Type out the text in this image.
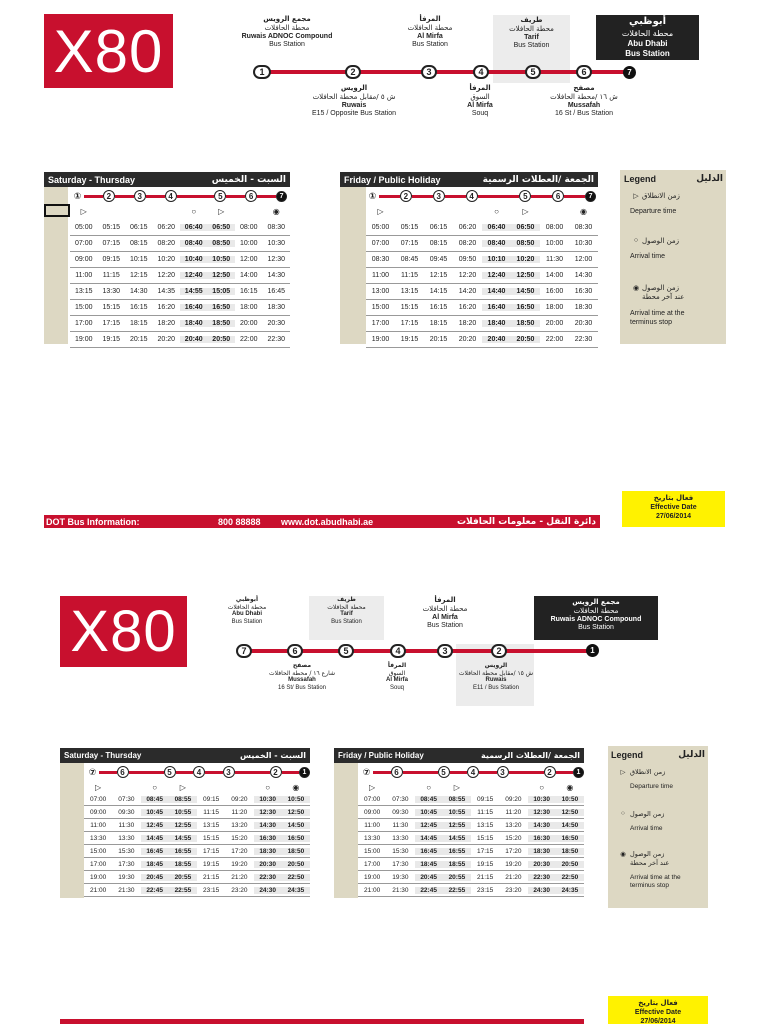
X80	مجمع الرويس
محطة الحافلات
Ruwais ADNOC Compound
Bus Station
المرفأ
محطة الحافلات
Al Mirfa
Bus Station
طريف
محطة الحافلات
Tarif
Bus Station
أبوظبي
محطة الحافلات
Abu Dhabi
Bus Station
1	2	3	4	5	6	7
الرويس
ش ٥ /مقابل محطة الحافلات
Ruwais
E15 / Opposite Bus Station
المرفأ
السوق
Al Mirfa
Souq
مصفح
ش ١٦ /محطة الحافلات
Mussafah
16 St / Bus Station
Saturday - Thursday	السبت - الخميس
①	2	3	4	5	6	7
▷	○	▷	◉
05:00	05:15	06:15	06:20	06:40	06:50	08:00	08:30
07:00	07:15	08:15	08:20	08:40	08:50	10:00	10:30
09:00	09:15	10:15	10:20	10:40	10:50	12:00	12:30
11:00	11:15	12:15	12:20	12:40	12:50	14:00	14:30
13:15	13:30	14:30	14:35	14:55	15:05	16:15	16:45
15:00	15:15	16:15	16:20	16:40	16:50	18:00	18:30
17:00	17:15	18:15	18:20	18:40	18:50	20:00	20:30
19:00	19:15	20:15	20:20	20:40	20:50	22:00	22:30
Friday / Public Holiday	الجمعة /العطلات الرسمية
①	2	3	4	5	6	7
▷	○	▷	◉
05:00	05:15	06:15	06:20	06:40	06:50	08:00	08:30
07:00	07:15	08:15	08:20	08:40	08:50	10:00	10:30
08:30	08:45	09:45	09:50	10:10	10:20	11:30	12:00
11:00	11:15	12:15	12:20	12:40	12:50	14:00	14:30
13:00	13:15	14:15	14:20	14:40	14:50	16:00	16:30
15:00	15:15	16:15	16:20	16:40	16:50	18:00	18:30
17:00	17:15	18:15	18:20	18:40	18:50	20:00	20:30
19:00	19:15	20:15	20:20	20:40	20:50	22:00	22:30
Legend	الدليل
▷ زمن الانطلاق
Departure time
○ زمن الوصول
Arrival time
◉ زمن الوصول
عند آخر محطة
Arrival time at the
terminus stop
فعال بتاريخ
Effective Date
27/06/2014
DOT Bus Information:	800 88888 www.dot.abudhabi.ae	دائرة النقل - معلومات الحافلات
X80	أبوظبي
محطة الحافلات
Abu Dhabi
Bus Station
طريف
محطة الحافلات
Tarif
Bus Station
المرفأ
محطة الحافلات
Al Mirfa
Bus Station
مجمع الرويس
محطة الحافلات
Ruwais ADNOC Compound
Bus Station
7	6	5	4	3	2	1
مصفح
شارع ١٦ / محطة الحافلات
Mussafah
16 St/ Bus Station
المرفأ
السوق
Al Mirfa
Souq
الرويس
ش ١٥ /مقابل محطة الحافلات
Ruwais
E11 / Bus Station
Saturday - Thursday	السبت - الخميس
⑦	6	5	4	3	2	1
▷	○	▷	○	◉
07:00	07:30	08:45	08:55	09:15	09:20	10:30	10:50
09:00	09:30	10:45	10:55	11:15	11:20	12:30	12:50
11:00	11:30	12:45	12:55	13:15	13:20	14:30	14:50
13:30	13:30	14:45	14:55	15:15	15:20	16:30	16:50
15:00	15:30	16:45	16:55	17:15	17:20	18:30	18:50
17:00	17:30	18:45	18:55	19:15	19:20	20:30	20:50
19:00	19:30	20:45	20:55	21:15	21:20	22:30	22:50
21:00	21:30	22:45	22:55	23:15	23:20	24:30	24:35
Friday / Public Holiday	الجمعة /العطلات الرسمية
⑦	6	5	4	3	2	1
▷	○	▷	○	◉
07:00	07:30	08:45	08:55	09:15	09:20	10:30	10:50
09:00	09:30	10:45	10:55	11:15	11:20	12:30	12:50
11:00	11:30	12:45	12:55	13:15	13:20	14:30	14:50
13:30	13:30	14:45	14:55	15:15	15:20	16:30	16:50
15:00	15:30	16:45	16:55	17:15	17:20	18:30	18:50
17:00	17:30	18:45	18:55	19:15	19:20	20:30	20:50
19:00	19:30	20:45	20:55	21:15	21:20	22:30	22:50
21:00	21:30	22:45	22:55	23:15	23:20	24:30	24:35
Legend	الدليل
▷ زمن الانطلاق
Departure time
○ زمن الوصول
Arrival time
◉ زمن الوصول
عند آخر محطة
Arrival time at the
terminus stop
فعال بتاريخ
Effective Date
27/06/2014
